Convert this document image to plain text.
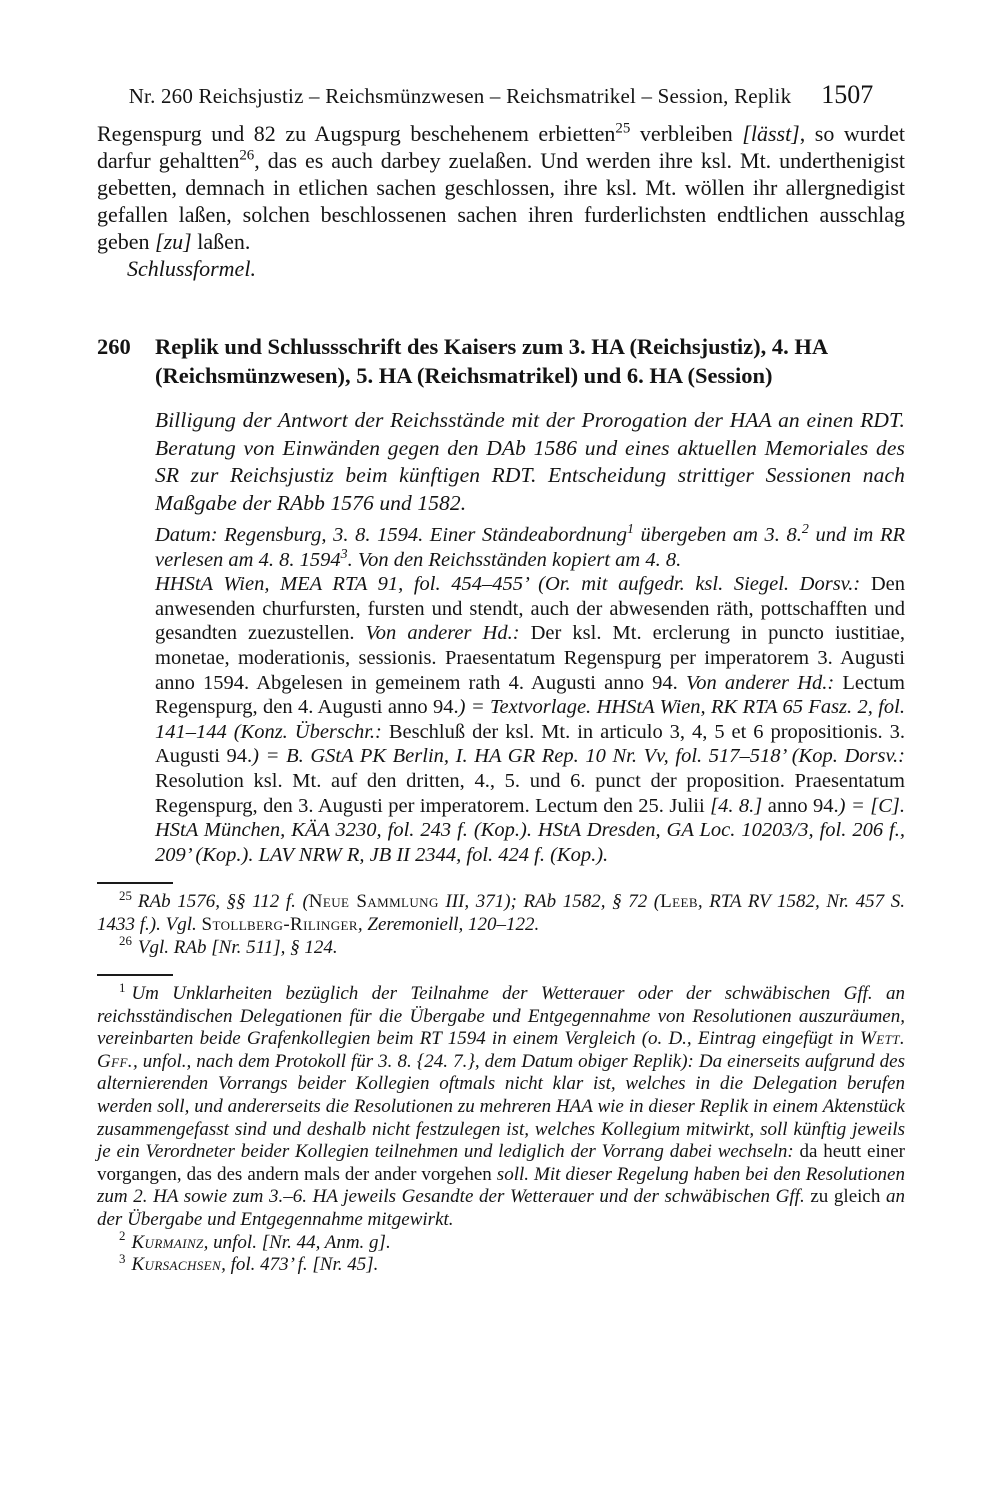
Nr. 260 Reichsjustiz – Reichsmünzwesen – Reichsmatrikel – Session, Replik 1507

Regenspurg und 82 zu Augspurg beschehenem erbietten$^{25}$ verbleiben [lässt], so wurdet darfur gehaltten$^{26}$, das es auch darbey zuelaßen. Und werden ihre ksl. Mt. underthenigist gebetten, demnach in etlichen sachen geschlossen, ihre ksl. Mt. wöllen ihr allergnedigist gefallen laßen, solchen beschlossenen sachen ihren furderlichsten endtlichen ausschlag geben [zu] laßen.

Schlussformel.

260	Replik und Schlussschrift des Kaisers zum 3. HA (Reichsjustiz), 4. HA (Reichsmünzwesen), 5. HA (Reichsmatrikel) und 6. HA (Session)

Billigung der Antwort der Reichsstände mit der Prorogation der HAA an einen RDT. Beratung von Einwänden gegen den DAb 1586 und eines aktuellen Memoriales des SR zur Reichsjustiz beim künftigen RDT. Entscheidung strittiger Sessionen nach Maßgabe der RAbb 1576 und 1582.

Datum: Regensburg, 3. 8. 1594. Einer Ständeabordnung$^1$ übergeben am 3. 8.$^2$ und im RR verlesen am 4. 8. 1594$^3$. Von den Reichsständen kopiert am 4. 8.

HHStA Wien, MEA RTA 91, fol. 454–455’ (Or. mit aufgedr. ksl. Siegel. Dorsv.: Den anwesenden churfursten, fursten und stendt, auch der abwesenden räth, pottschafften und gesandten zuezustellen. Von anderer Hd.: Der ksl. Mt. erclerung in puncto iustitiae, monetae, moderationis, sessionis. Praesentatum Regenspurg per imperatorem 3. Augusti anno 1594. Abgelesen in gemeinem rath 4. Augusti anno 94. Von anderer Hd.: Lectum Regenspurg, den 4. Augusti anno 94.) = Textvorlage. HHStA Wien, RK RTA 65 Fasz. 2, fol. 141–144 (Konz. Überschr.: Beschluß der ksl. Mt. in articulo 3, 4, 5 et 6 propositionis. 3. Augusti 94.) = B. GStA PK Berlin, I. HA GR Rep. 10 Nr. Vv, fol. 517–518’ (Kop. Dorsv.: Resolution ksl. Mt. auf den dritten, 4., 5. und 6. punct der proposition. Praesentatum Regenspurg, den 3. Augusti per imperatorem. Lectum den 25. Julii [4. 8.] anno 94.) = [C]. HStA München, KÄA 3230, fol. 243 f. (Kop.). HStA Dresden, GA Loc. 10203/3, fol. 206 f., 209’ (Kop.). LAV NRW R, JB II 2344, fol. 424 f. (Kop.).

$^{25}$ RAb 1576, §§ 112 f. (Neue Sammlung III, 371); RAb 1582, § 72 (Leeb, RTA RV 1582, Nr. 457 S. 1433 f.). Vgl. Stollberg-Rilinger, Zeremoniell, 120–122.

$^{26}$ Vgl. RAb [Nr. 511], § 124.

$^1$ Um Unklarheiten bezüglich der Teilnahme der Wetterauer oder der schwäbischen Gff. an reichsständischen Delegationen für die Übergabe und Entgegennahme von Resolutionen auszuräumen, vereinbarten beide Grafenkollegien beim RT 1594 in einem Vergleich (o. D., Eintrag eingefügt in Wett. Gff., unfol., nach dem Protokoll für 3. 8. {24. 7.}, dem Datum obiger Replik): Da einerseits aufgrund des alternierenden Vorrangs beider Kollegien oftmals nicht klar ist, welches in die Delegation berufen werden soll, und andererseits die Resolutionen zu mehreren HAA wie in dieser Replik in einem Aktenstück zusammengefasst sind und deshalb nicht festzulegen ist, welches Kollegium mitwirkt, soll künftig jeweils je ein Verordneter beider Kollegien teilnehmen und lediglich der Vorrang dabei wechseln: da heutt einer vorgangen, das des andern mals der ander vorgehen soll. Mit dieser Regelung haben bei den Resolutionen zum 2. HA sowie zum 3.–6. HA jeweils Gesandte der Wetterauer und der schwäbischen Gff. zu gleich an der Übergabe und Entgegennahme mitgewirkt.

$^2$ Kurmainz, unfol. [Nr. 44, Anm. g].

$^3$ Kursachsen, fol. 473’ f. [Nr. 45].
